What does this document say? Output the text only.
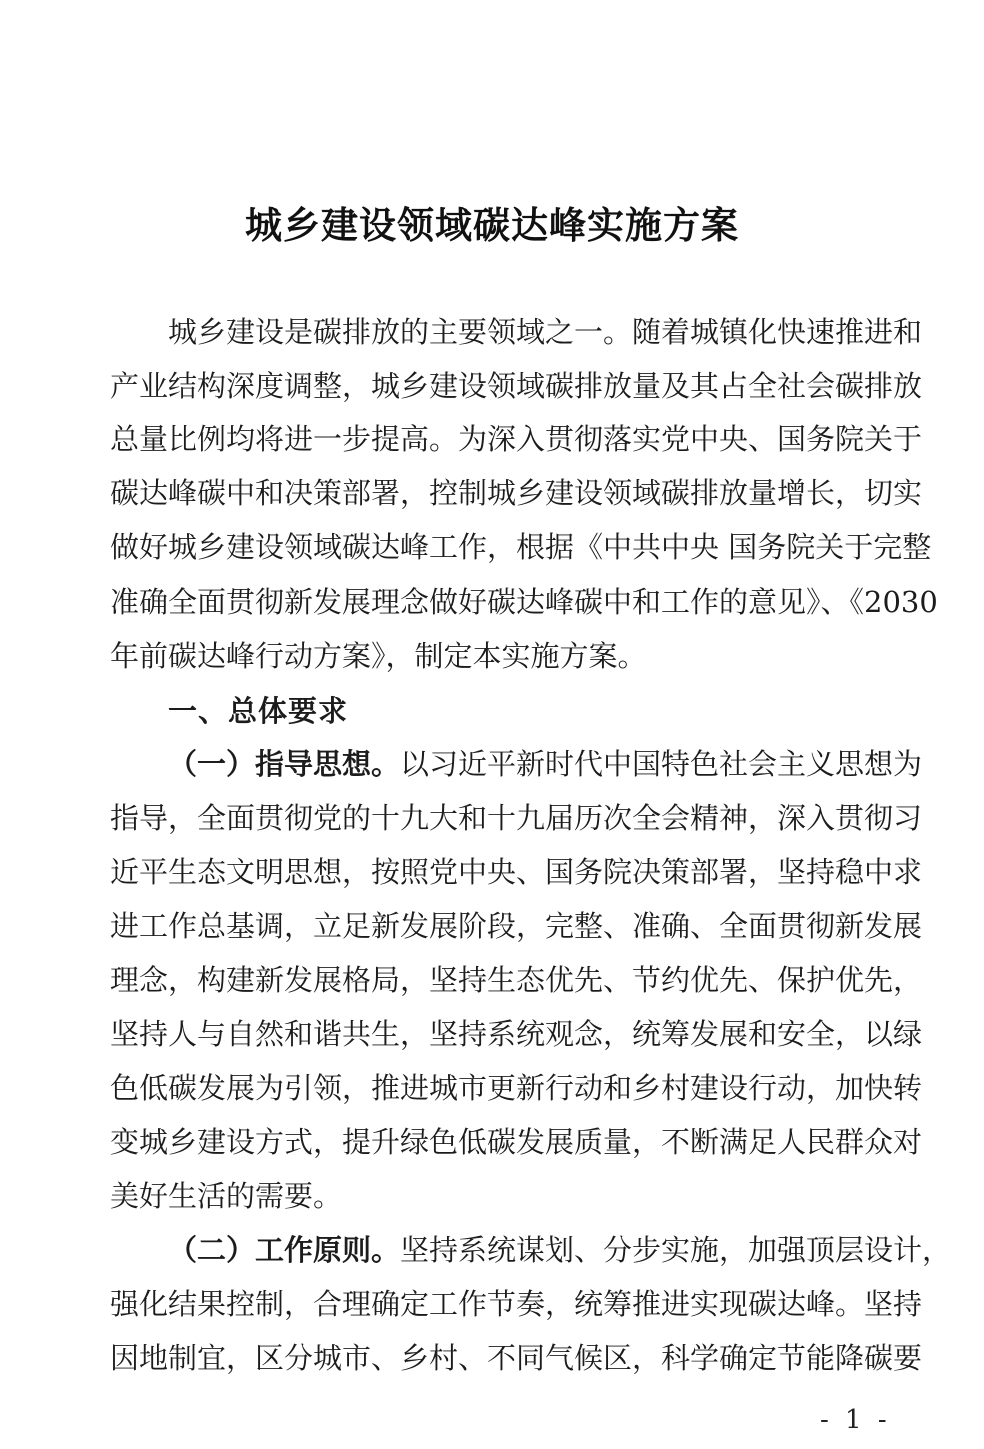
城乡建设领域碳达峰实施方案
城乡建设是碳排放的主要领域之一。随着城镇化快速推进和
产业结构深度调整，城乡建设领域碳排放量及其占全社会碳排放
总量比例均将进一步提高。为深入贯彻落实党中央、国务院关于
碳达峰碳中和决策部署，控制城乡建设领域碳排放量增长，切实
做好城乡建设领域碳达峰工作，根据《中共中央 国务院关于完整
准确全面贯彻新发展理念做好碳达峰碳中和工作的意见》、《2030
年前碳达峰行动方案》，制定本实施方案。
一、总体要求
（一）指导思想。以习近平新时代中国特色社会主义思想为
指导，全面贯彻党的十九大和十九届历次全会精神，深入贯彻习
近平生态文明思想，按照党中央、国务院决策部署，坚持稳中求
进工作总基调，立足新发展阶段，完整、准确、全面贯彻新发展
理念，构建新发展格局，坚持生态优先、节约优先、保护优先，
坚持人与自然和谐共生，坚持系统观念，统筹发展和安全，以绿
色低碳发展为引领，推进城市更新行动和乡村建设行动，加快转
变城乡建设方式，提升绿色低碳发展质量，不断满足人民群众对
美好生活的需要。
（二）工作原则。坚持系统谋划、分步实施，加强顶层设计，
强化结果控制，合理确定工作节奏，统筹推进实现碳达峰。坚持
因地制宜，区分城市、乡村、不同气候区，科学确定节能降碳要
- 1 -
